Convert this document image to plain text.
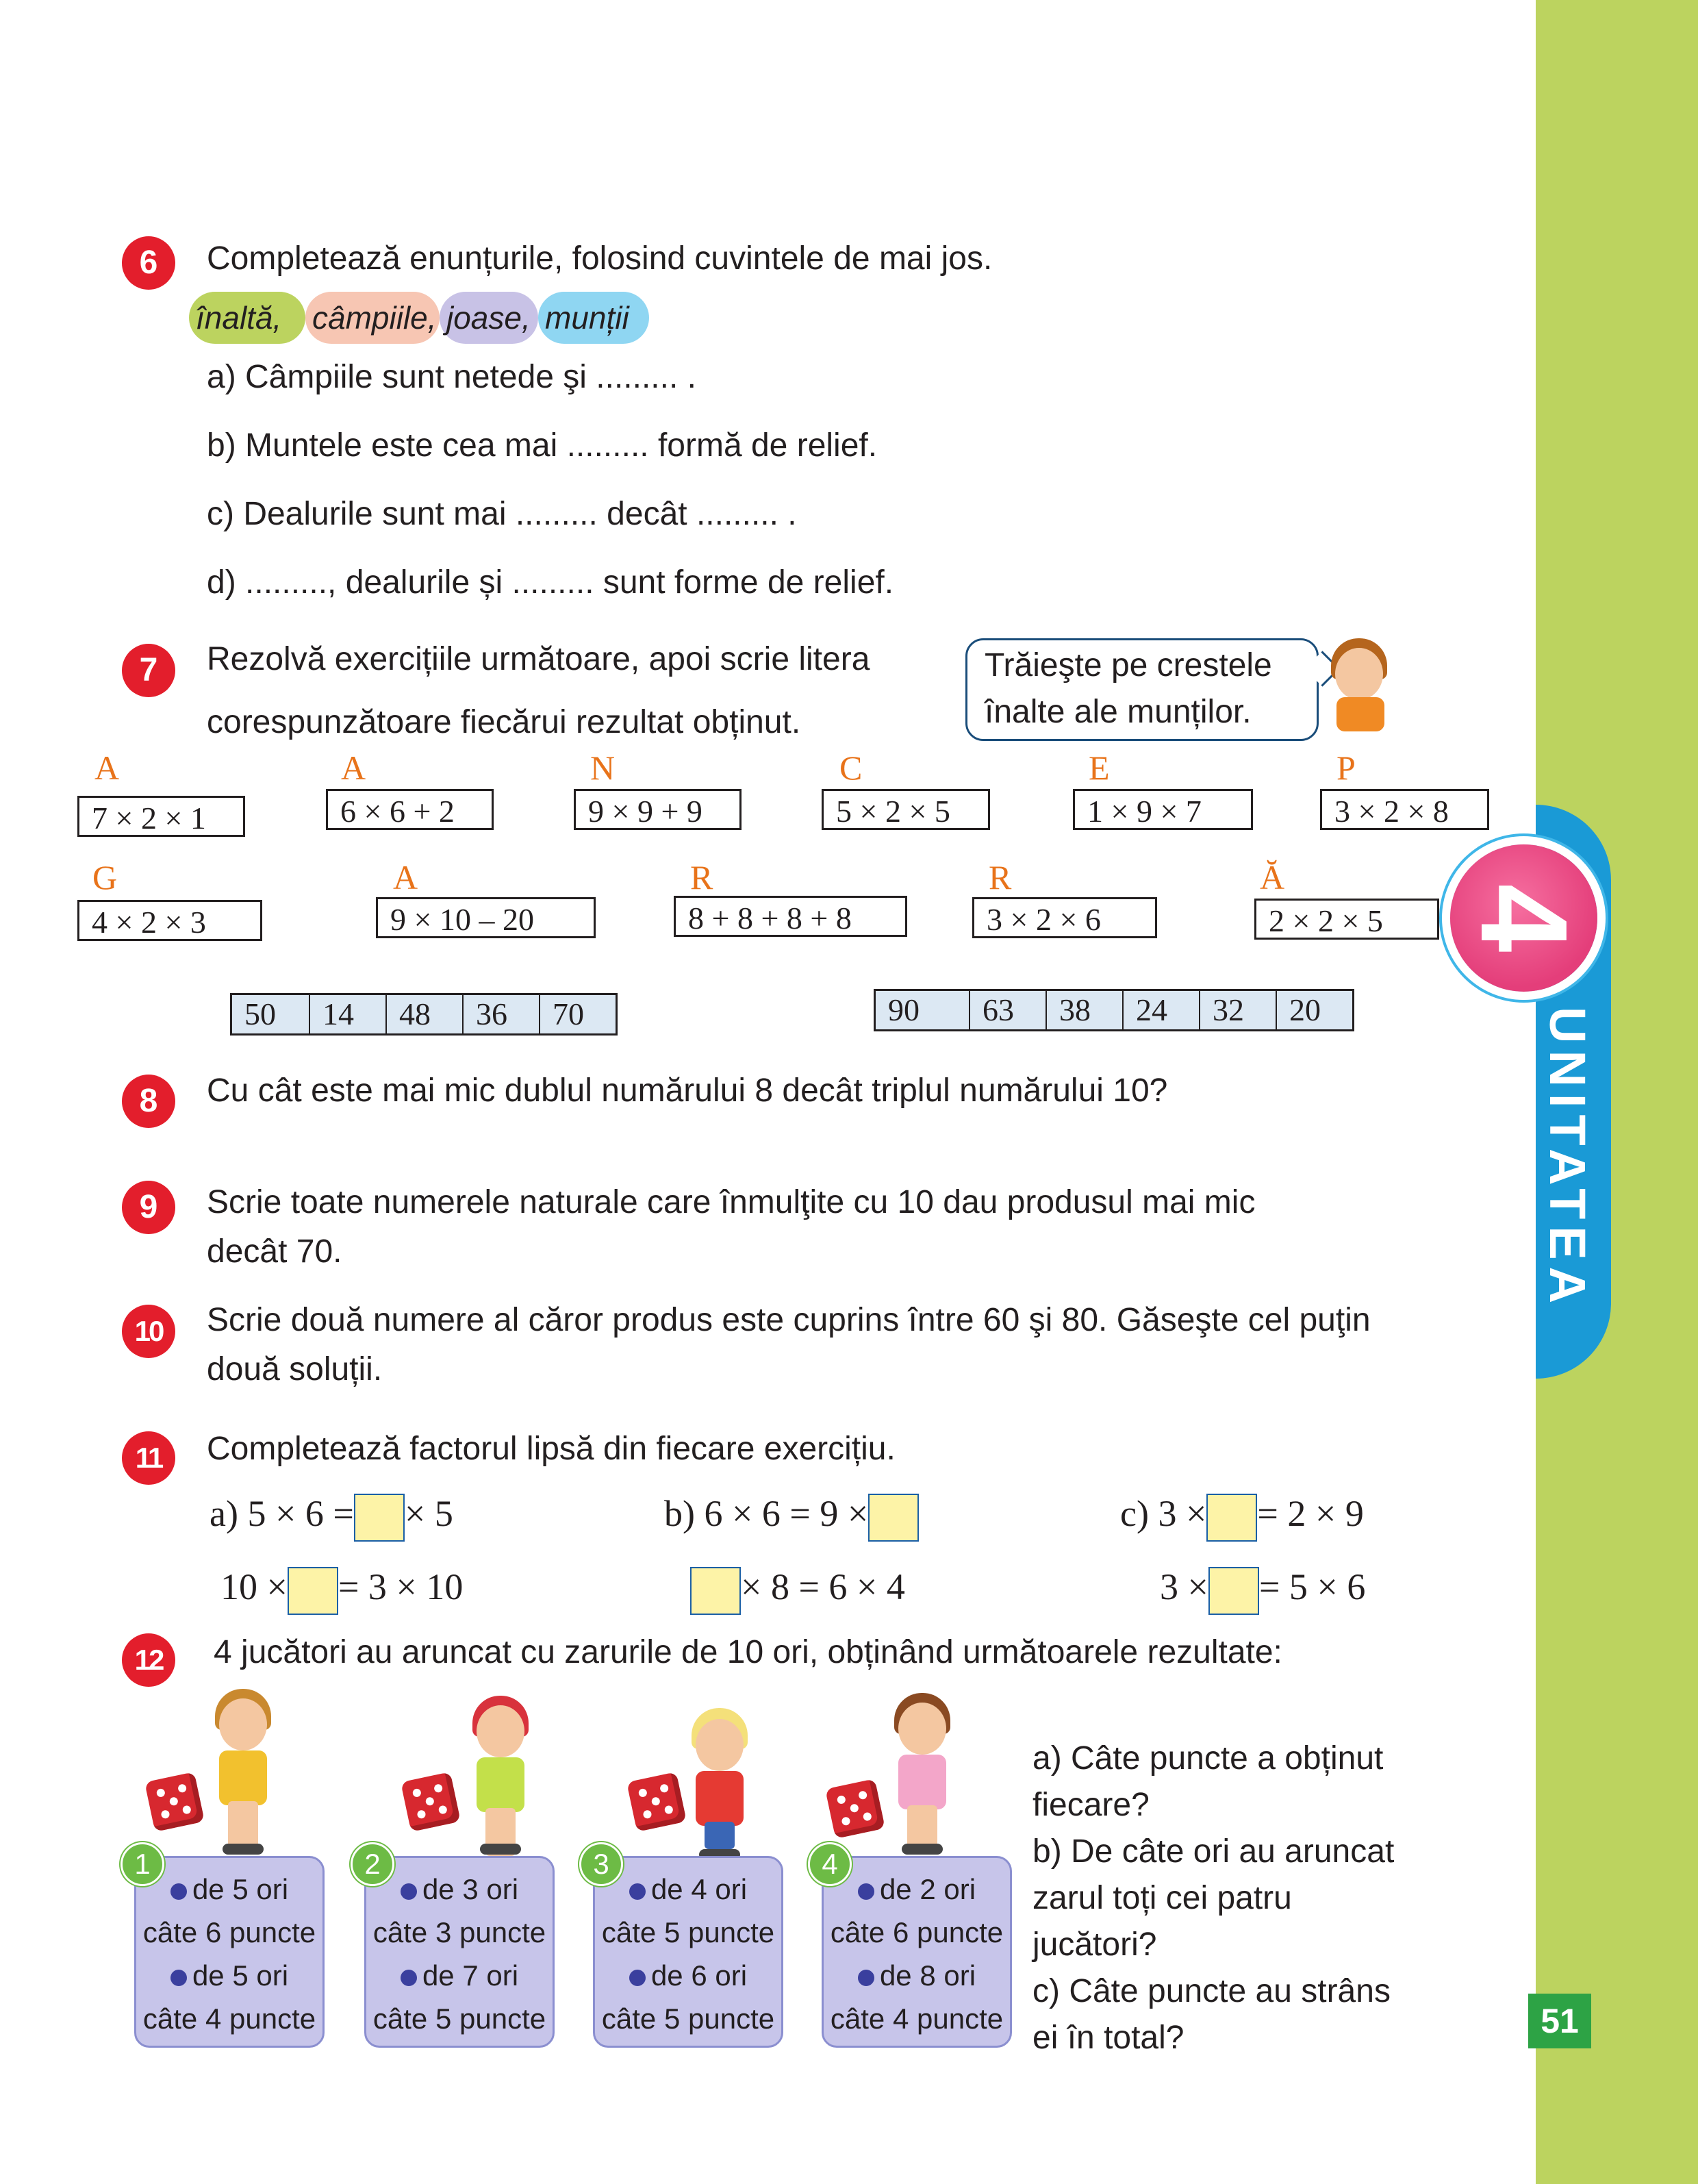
4
UNITATEA
51
6	Completează enunțurile, folosind cuvintele de mai jos.
înaltă, câmpiile, joase, munții
a) Câmpiile sunt netede şi ......... .
b) Muntele este cea mai ......... formă de relief.
c) Dealurile sunt mai ......... decât ......... .
d) ........., dealurile și ......... sunt forme de relief.
7	Rezolvă exercițiile următoare, apoi scrie litera
corespunzătoare fiecărui rezultat obținut.
Trăieşte pe crestele
înalte ale munților.
A
7 × 2 × 1
A
6 × 6 + 2
N
9 × 9 + 9
C
5 × 2 × 5
E
1 × 9 × 7
P
3 × 2 × 8
G
4 × 2 × 3
A
9 × 10 – 20
R
8 + 8 + 8 + 8
R
3 × 2 × 6
Ă
2 × 2 × 5
50	14	48	36	70	90	63	38	24	32	20
8	Cu cât este mai mic dublul numărului 8 decât triplul numărului 10?
9	Scrie toate numerele naturale care înmulţite cu 10 dau produsul mai mic
decât 70.
10	Scrie două numere al căror produs este cuprins între 60 şi 80. Găseşte cel puţin
două soluții.
11	Completează factorul lipsă din fiecare exercițiu.
a) 5 × 6 = × 5
10 × = 3 × 10
b) 6 × 6 = 9 ×
× 8 = 6 × 4
c) 3 × = 2 × 9
3 × = 5 × 6
12	4 jucători au aruncat cu zarurile de 10 ori, obținând următoarele rezultate:
de 5 ori
câte 6 puncte
de 5 ori
câte 4 puncte
1
de 3 ori
câte 3 puncte
de 7 ori
câte 5 puncte
2
de 4 ori
câte 5 puncte
de 6 ori
câte 5 puncte
3
de 2 ori
câte 6 puncte
de 8 ori
câte 4 puncte
4
a) Câte puncte a obținut
fiecare?
b) De câte ori au aruncat
zarul toți cei patru
jucători?
c) Câte puncte au strâns
ei în total?
